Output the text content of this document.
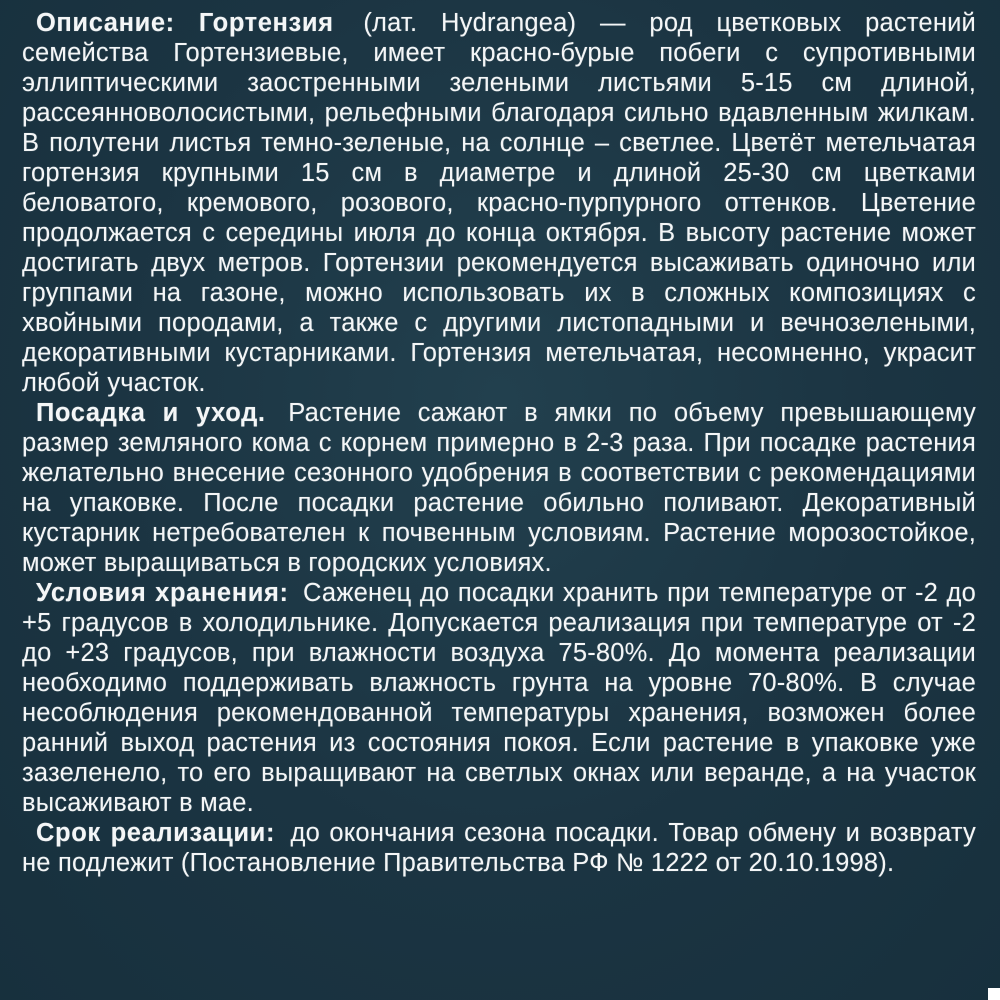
Описание: Гортензия (лат. Hydrangea) — род цветковых растений семейства Гортензиевые, имеет красно-бурые побеги с супротивными эллиптическими заостренными зелеными листьями 5-15 см длиной, рассеянноволосистыми, рельефными благодаря сильно вдавленным жилкам. В полутени листья темно-зеленые, на солнце – светлее. Цветёт метельчатая гортензия крупными 15 см в диаметре и длиной 25-30 см цветками беловатого, кремового, розового, красно-пурпурного оттенков. Цветение продолжается с середины июля до конца октября. В высоту растение может достигать двух метров. Гортензии рекомендуется высаживать одиночно или группами на газоне, можно использовать их в сложных композициях с хвойными породами, а также с другими листопадными и вечнозелеными, декоративными кустарниками. Гортензия метельчатая, несомненно, украсит любой участок.

Посадка и уход. Растение сажают в ямки по объему превышающему размер земляного кома с корнем примерно в 2-3 раза. При посадке растения желательно внесение сезонного удобрения в соответствии с рекомендациями на упаковке. После посадки растение обильно поливают. Декоративный кустарник нетребователен к почвенным условиям. Растение морозостойкое, может выращиваться в городских условиях.

Условия хранения: Саженец до посадки хранить при температуре от -2 до +5 градусов в холодильнике. Допускается реализация при температуре от -2 до +23 градусов, при влажности воздуха 75-80%. До момента реализации необходимо поддерживать влажность грунта на уровне 70-80%. В случае несоблюдения рекомендованной температуры хранения, возможен более ранний выход растения из состояния покоя. Если растение в упаковке уже зазеленело, то его выращивают на светлых окнах или веранде, а на участок высаживают в мае.

Срок реализации: до окончания сезона посадки. Товар обмену и возврату не подлежит (Постановление Правительства РФ № 1222 от 20.10.1998).
